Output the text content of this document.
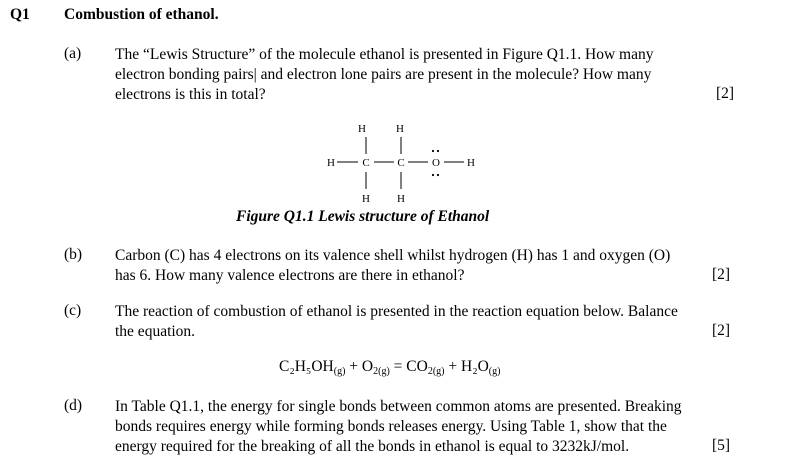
Q1 Combustion of ethanol.
(a) The “Lewis Structure” of the molecule ethanol is presented in Figure Q1.1. How many
electron bonding pairs| and electron lone pairs are present in the molecule? How many
electrons is this in total?	[2]
H	H
H C	C O H
H H
Figure Q1.1 Lewis structure of Ethanol
(b) Carbon (C) has 4 electrons on its valence shell whilst hydrogen (H) has 1 and oxygen (O)
has 6. How many valence electrons are there in ethanol?	[2]
(c) The reaction of combustion of ethanol is presented in the reaction equation below. Balance
the equation.	[2]
$C_2H_5OH_{(g)} + O_{2(g)} = CO_{2(g)} + H_2O_{(g)}$
(d) In Table Q1.1, the energy for single bonds between common atoms are presented. Breaking
bonds requires energy while forming bonds releases energy. Using Table 1, show that the
energy required for the breaking of all the bonds in ethanol is equal to 3232kJ/mol.	[5]
